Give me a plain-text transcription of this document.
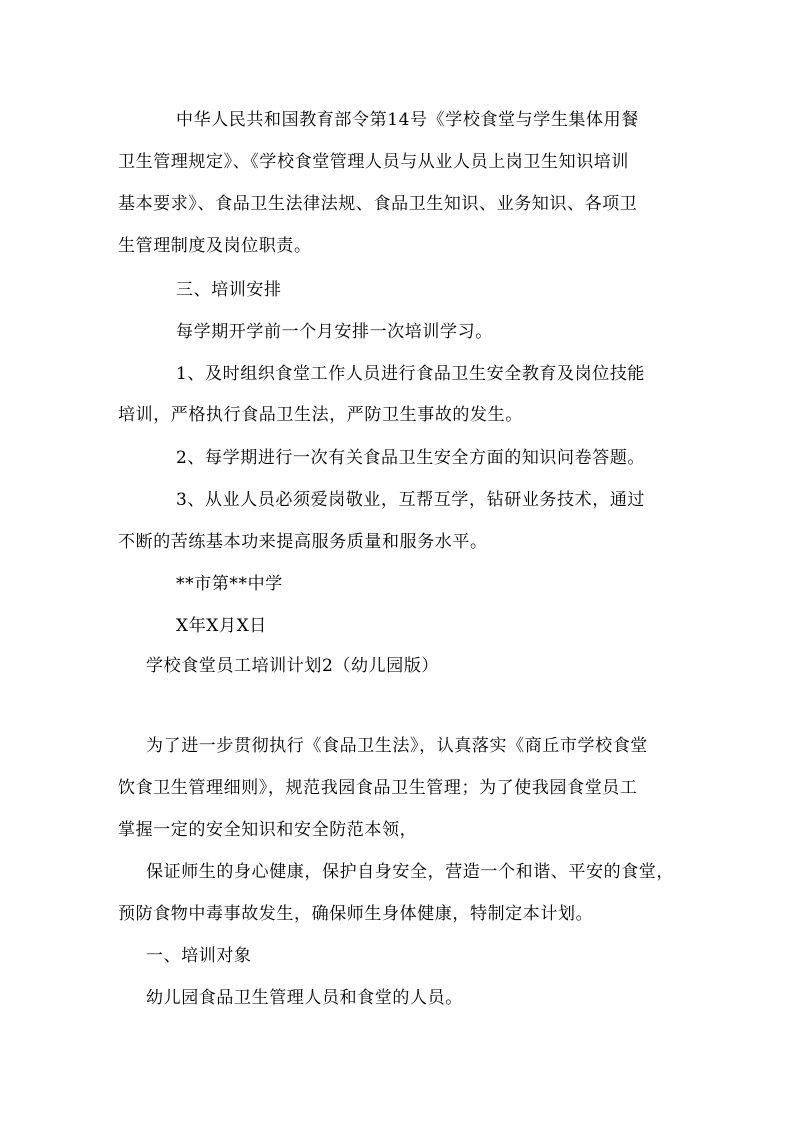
中华人民共和国教育部令第14号《学校食堂与学生集体用餐
卫生管理规定》、《学校食堂管理人员与从业人员上岗卫生知识培训
基本要求》、食品卫生法律法规、食品卫生知识、业务知识、各项卫
生管理制度及岗位职责。
三、培训安排
每学期开学前一个月安排一次培训学习。
1、及时组织食堂工作人员进行食品卫生安全教育及岗位技能
培训，严格执行食品卫生法，严防卫生事故的发生。
2、每学期进行一次有关食品卫生安全方面的知识问卷答题。
3、从业人员必须爱岗敬业，互帮互学，钻研业务技术，通过
不断的苦练基本功来提高服务质量和服务水平。
**市第**中学
X年X月X日
学校食堂员工培训计划2（幼儿园版）
为了进一步贯彻执行《食品卫生法》，认真落实《商丘市学校食堂
饮食卫生管理细则》，规范我园食品卫生管理；为了使我园食堂员工
掌握一定的安全知识和安全防范本领，
保证师生的身心健康，保护自身安全，营造一个和谐、平安的食堂，
预防食物中毒事故发生，确保师生身体健康，特制定本计划。
一、培训对象
幼儿园食品卫生管理人员和食堂的人员。
